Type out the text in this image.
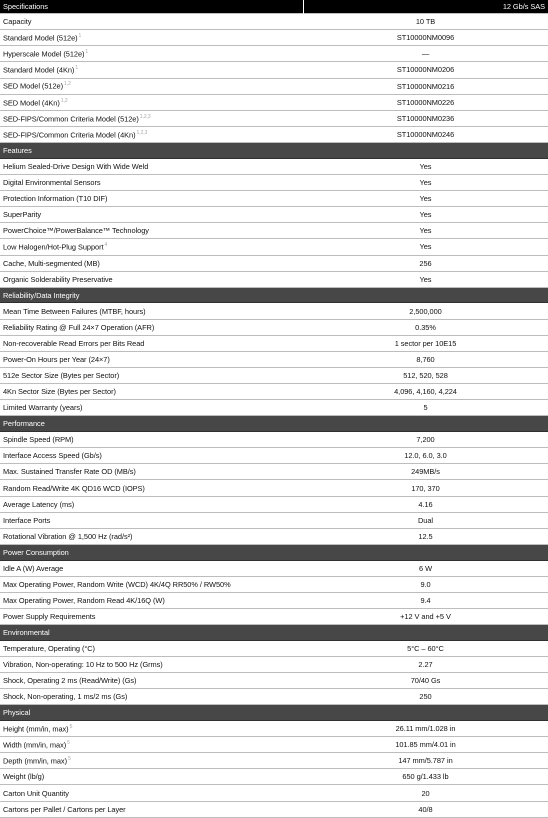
Specifications	12 Gb/s SAS
Capacity	10 TB
Standard Model $(512e)^1$	ST10000NM0096
Hyperscale Model $(512e)^1$	—
Standard Model $(4Kn)^1$	ST10000NM0206
SED Model $(512e)^{1,2}$	ST10000NM0216
SED Model $(4Kn)^{1,2}$	ST10000NM0226
SED-FIPS/Common Criteria Model $(512e)^{1,2,3}$	ST10000NM0236
SED-FIPS/Common Criteria Model $(4Kn)^{1,2,3}$	ST10000NM0246
Features
Helium Sealed-Drive Design With Wide Weld	Yes
Digital Environmental Sensors	Yes
Protection Information (T10 DIF)	Yes
SuperParity	Yes
PowerChoice™/PowerBalance™ Technology	Yes
Low Halogen/Hot-Plug Support$^4$	Yes
Cache, Multi-segmented (MB)	256
Organic Solderability Preservative	Yes
Reliability/Data Integrity
Mean Time Between Failures (MTBF, hours)	2,500,000
Reliability Rating @ Full 24×7 Operation (AFR)	0.35%
Non-recoverable Read Errors per Bits Read	1 sector per 10E15
Power-On Hours per Year (24×7)	8,760
512e Sector Size (Bytes per Sector)	512, 520, 528
4Kn Sector Size (Bytes per Sector)	4,096, 4,160, 4,224
Limited Warranty (years)	5
Performance
Spindle Speed (RPM)	7,200
Interface Access Speed (Gb/s)	12.0, 6.0, 3.0
Max. Sustained Transfer Rate OD (MB/s)	249MB/s
Random Read/Write 4K QD16 WCD (IOPS)	170, 370
Average Latency (ms)	4.16
Interface Ports	Dual
Rotational Vibration @ 1,500 Hz (rad/s²)	12.5
Power Consumption
Idle A (W) Average	6 W
Max Operating Power, Random Write (WCD) 4K/4Q RR50% / RW50%	9.0
Max Operating Power, Random Read 4K/16Q (W)	9.4
Power Supply Requirements	+12 V and +5 V
Environmental
Temperature, Operating (°C)	5°C – 60°C
Vibration, Non-operating: 10 Hz to 500 Hz (Grms)	2.27
Shock, Operating 2 ms (Read/Write) (Gs)	70/40 Gs
Shock, Non-operating, 1 ms/2 ms (Gs)	250
Physical
Height (mm/in, max)$^5$	26.11 mm/1.028 in
Width (mm/in, max)$^5$	101.85 mm/4.01 in
Depth (mm/in, max)$^5$	147 mm/5.787 in
Weight (lb/g)	650 g/1.433 lb
Carton Unit Quantity	20
Cartons per Pallet / Cartons per Layer	40/8
